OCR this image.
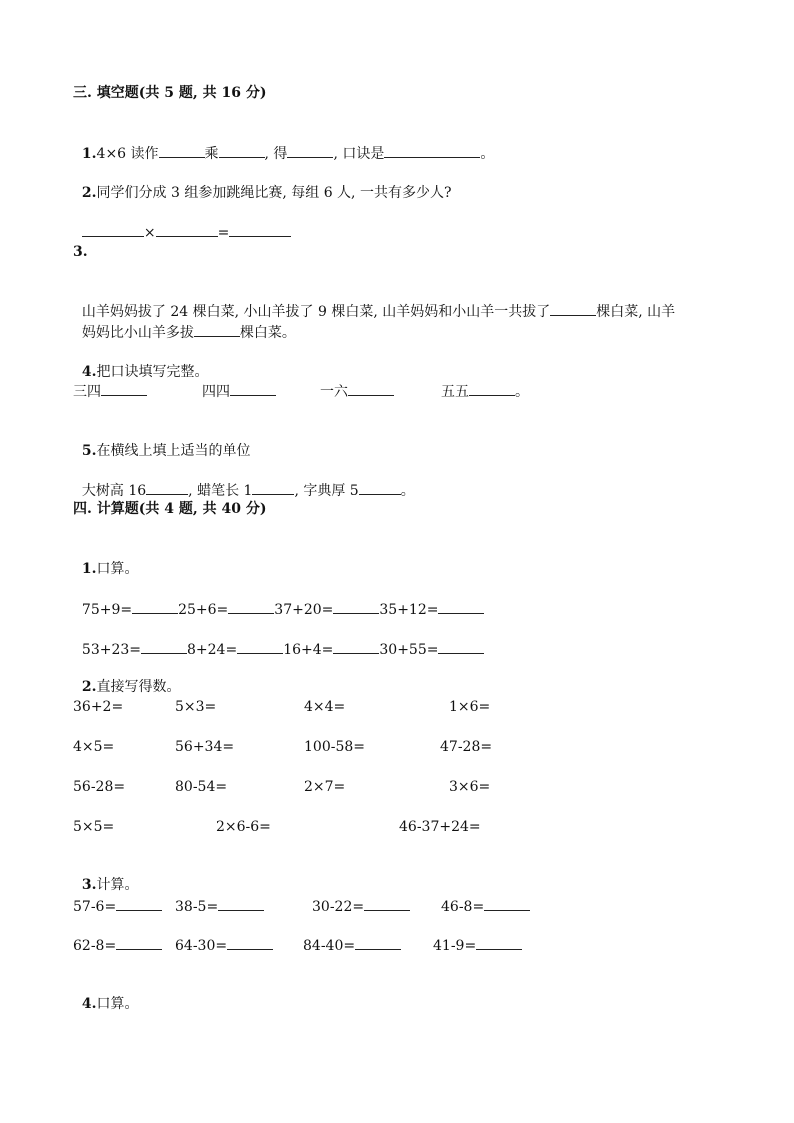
三. 填空题(共 5 题, 共 16 分)

1.4×6 读作	乘	, 得	, 口诀是	。

2.同学们分成 3 组参加跳绳比赛, 每组 6 人, 一共有多少人?

×	=

3.

山羊妈妈拔了 24 棵白菜, 小山羊拔了 9 棵白菜, 山羊妈妈和小山羊一共拔了	棵白菜, 山羊

妈妈比小山羊多拔	棵白菜。

4.把口诀填写完整。

三四	四四	一六	五五	。

5.在横线上填上适当的单位

大树高 16	, 蜡笔长 1	, 字典厚 5	。

四. 计算题(共 4 题, 共 40 分)

1.口算。

75+9=	25+6=	37+20=	35+12=

53+23=	8+24=	16+4=	30+55=

2.直接写得数。

36+2=	5×3=	4×4=	1×6=
4×5=	56+34=	100-58=	47-28=
56-28=	80-54=	2×7=	3×6=
5×5=	2×6-6=	46-37+24=

3.计算。

57-6=	38-5=	30-22=	46-8=
62-8=	64-30=	84-40=	41-9=

4.口算。
